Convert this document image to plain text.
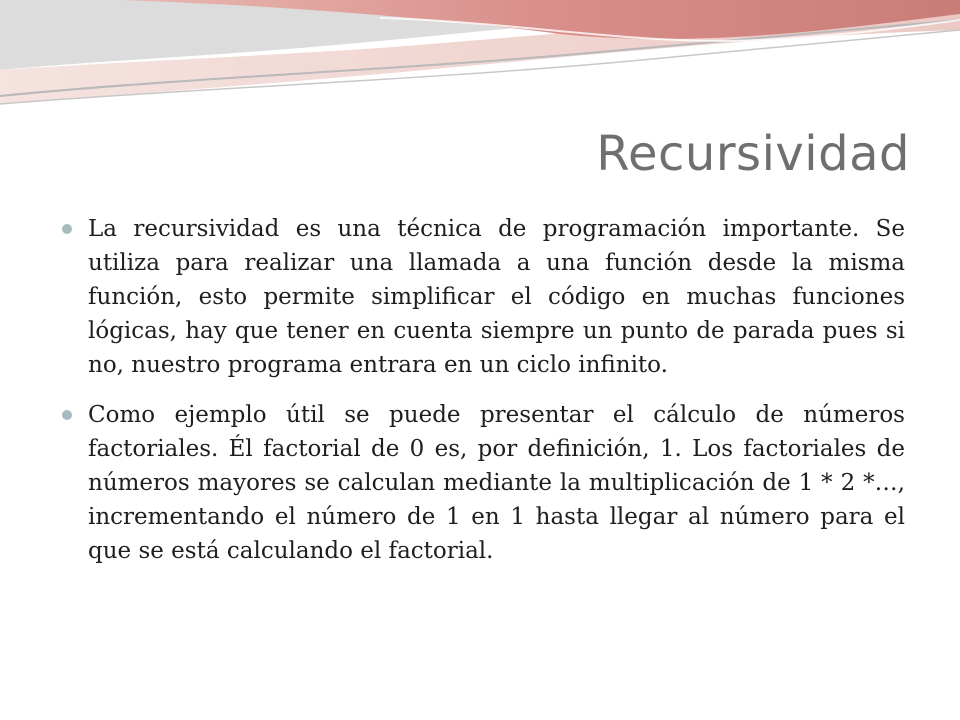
Recursividad
La recursividad es una técnica de programación importante. Se utiliza para realizar una llamada a una función desde la misma función, esto permite simplificar el código en muchas funciones lógicas, hay que tener en cuenta siempre un punto de parada pues si no, nuestro programa entrara en un ciclo infinito.
Como ejemplo útil se puede presentar el cálculo de números factoriales. Él factorial de 0 es, por definición, 1. Los factoriales de números mayores se calculan mediante la multiplicación de 1 * 2 *…, incrementando el número de 1 en 1 hasta llegar al número para el que se está calculando el factorial.
